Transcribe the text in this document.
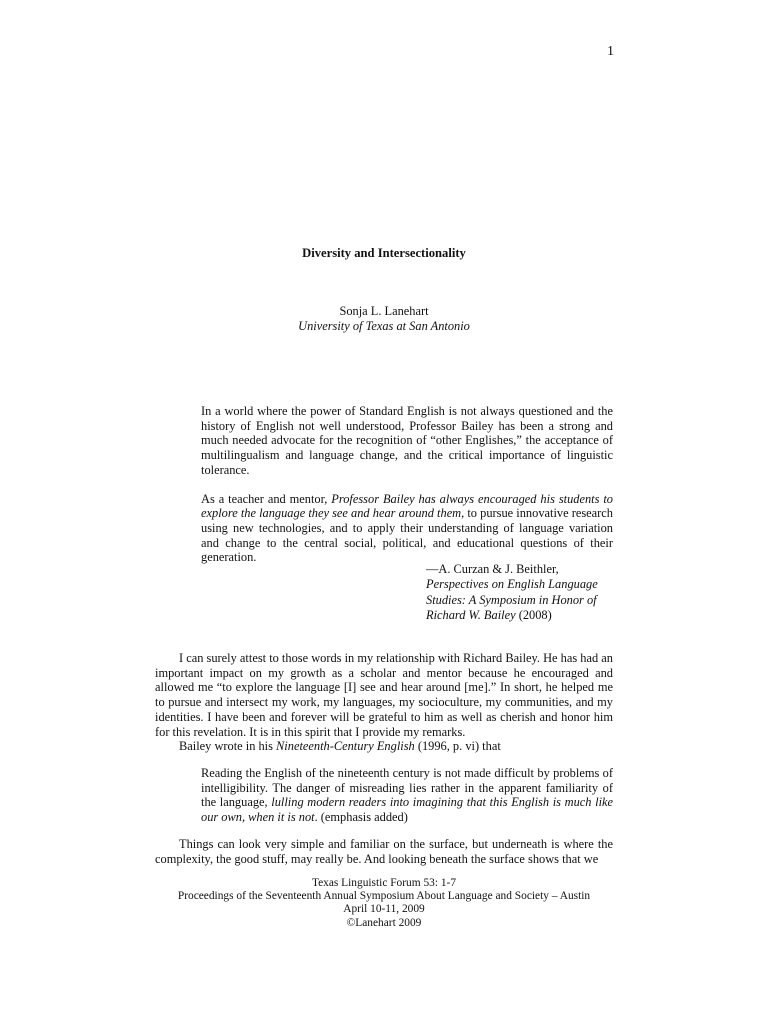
1
Diversity and Intersectionality
Sonja L. Lanehart
University of Texas at San Antonio

In a world where the power of Standard English is not always questioned and the history of English not well understood, Professor Bailey has been a strong and much needed advocate for the recognition of “other Englishes,” the acceptance of multilingualism and language change, and the critical importance of linguistic tolerance.

As a teacher and mentor, Professor Bailey has always encouraged his students to explore the language they see and hear around them, to pursue innovative research using new technologies, and to apply their understanding of language variation and change to the central social, political, and educational questions of their generation.

—A. Curzan & J. Beithler,
Perspectives on English Language Studies: A Symposium in Honor of Richard W. Bailey (2008)

I can surely attest to those words in my relationship with Richard Bailey. He has had an important impact on my growth as a scholar and mentor because he encouraged and allowed me “to explore the language [I] see and hear around [me].” In short, he helped me to pursue and intersect my work, my languages, my socioculture, my communities, and my identities. I have been and forever will be grateful to him as well as cherish and honor him for this revelation. It is in this spirit that I provide my remarks.

Bailey wrote in his Nineteenth-Century English (1996, p. vi) that

Reading the English of the nineteenth century is not made difficult by problems of intelligibility. The danger of misreading lies rather in the apparent familiarity of the language, lulling modern readers into imagining that this English is much like our own, when it is not. (emphasis added)

Things can look very simple and familiar on the surface, but underneath is where the complexity, the good stuff, may really be. And looking beneath the surface shows that we

Texas Linguistic Forum 53: 1-7
Proceedings of the Seventeenth Annual Symposium About Language and Society – Austin
April 10-11, 2009
©Lanehart 2009
